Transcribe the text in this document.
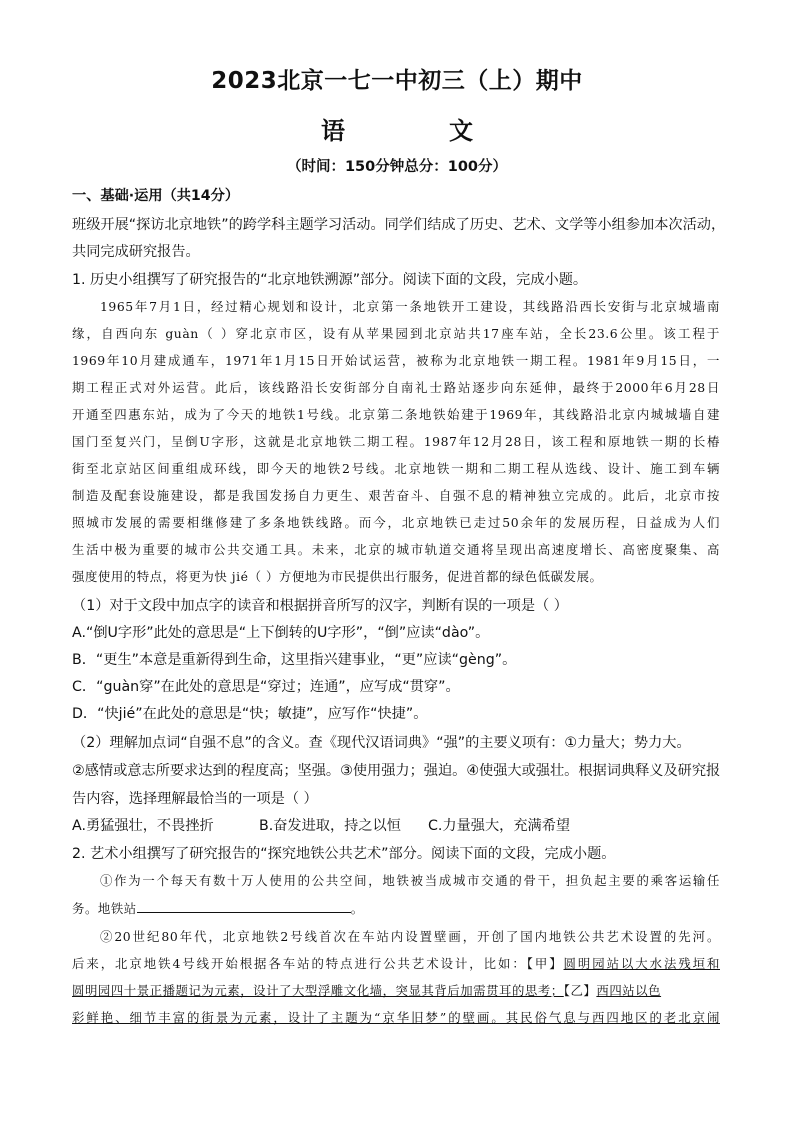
2023北京一七一中初三（上）期中
语　文
（时间：150分钟总分：100分）
一、基础·运用（共14分）
班级开展“探访北京地铁”的跨学科主题学习活动。同学们结成了历史、艺术、文学等小组参加本次活动，
共同完成研究报告。
1. 历史小组撰写了研究报告的“北京地铁溯源”部分。阅读下面的文段，完成小题。
1965年7月1日，经过精心规划和设计，北京第一条地铁开工建设，其线路沿西长安街与北京城墙南
缘，自西向东 guàn（ ）穿北京市区，设有从苹果园到北京站共17座车站，全长23.6公里。该工程于
1969年10月建成通车，1971年1月15日开始试运营，被称为北京地铁一期工程。1981年9月15日，一
期工程正式对外运营。此后，该线路沿长安街部分自南礼士路站逐步向东延伸，最终于2000年6月28日
开通至四惠东站，成为了今天的地铁1号线。北京第二条地铁始建于1969年，其线路沿北京内城城墙自建
国门至复兴门，呈倒U字形，这就是北京地铁二期工程。1987年12月28日，该工程和原地铁一期的长椿
街至北京站区间重组成环线，即今天的地铁2号线。北京地铁一期和二期工程从选线、设计、施工到车辆
制造及配套设施建设，都是我国发扬自力更生、艰苦奋斗、自强不息的精神独立完成的。此后，北京市按
照城市发展的需要相继修建了多条地铁线路。而今，北京地铁已走过50余年的发展历程，日益成为人们
生活中极为重要的城市公共交通工具。未来，北京的城市轨道交通将呈现出高速度增长、高密度聚集、高
强度使用的特点，将更为快 jié（ ）方便地为市民提供出行服务，促进首都的绿色低碳发展。
（1）对于文段中加点字的读音和根据拼音所写的汉字，判断有误的一项是（ ）
A.“倒U字形”此处的意思是“上下倒转的U字形”，“倒”应读“dào”。
B．“更生”本意是重新得到生命，这里指兴建事业，“更”应读“gèng”。
C．“guàn穿”在此处的意思是“穿过；连通”，应写成“贯穿”。
D．“快jié”在此处的意思是“快；敏捷”，应写作“快捷”。
（2）理解加点词“自强不息”的含义。查《现代汉语词典》“强”的主要义项有：①力量大；势力大。
②感情或意志所要求达到的程度高；坚强。③使用强力；强迫。④使强大或强壮。根据词典释义及研究报
告内容，选择理解最恰当的一项是（ ）
A.勇猛强壮，不畏挫折	B.奋发进取，持之以恒	C.力量强大，充满希望
2. 艺术小组撰写了研究报告的“探究地铁公共艺术”部分。阅读下面的文段，完成小题。
①作为一个每天有数十万人使用的公共空间，地铁被当成城市交通的骨干，担负起主要的乘客运输任
务。地铁站	。
②20世纪80年代，北京地铁2号线首次在车站内设置壁画，开创了国内地铁公共艺术设置的先河。
后来，北京地铁4号线开始根据各车站的特点进行公共艺术设计，比如：【甲】圆明园站以大水法残垣和
圆明园四十景正播题记为元素，设计了大型浮雕文化墙，突显其背后加需贯耳的思考；【乙】西四站以色
彩鲜艳、细节丰富的街景为元素，设计了主题为“京华旧梦”的壁画。其民俗气息与西四地区的老北京闹
